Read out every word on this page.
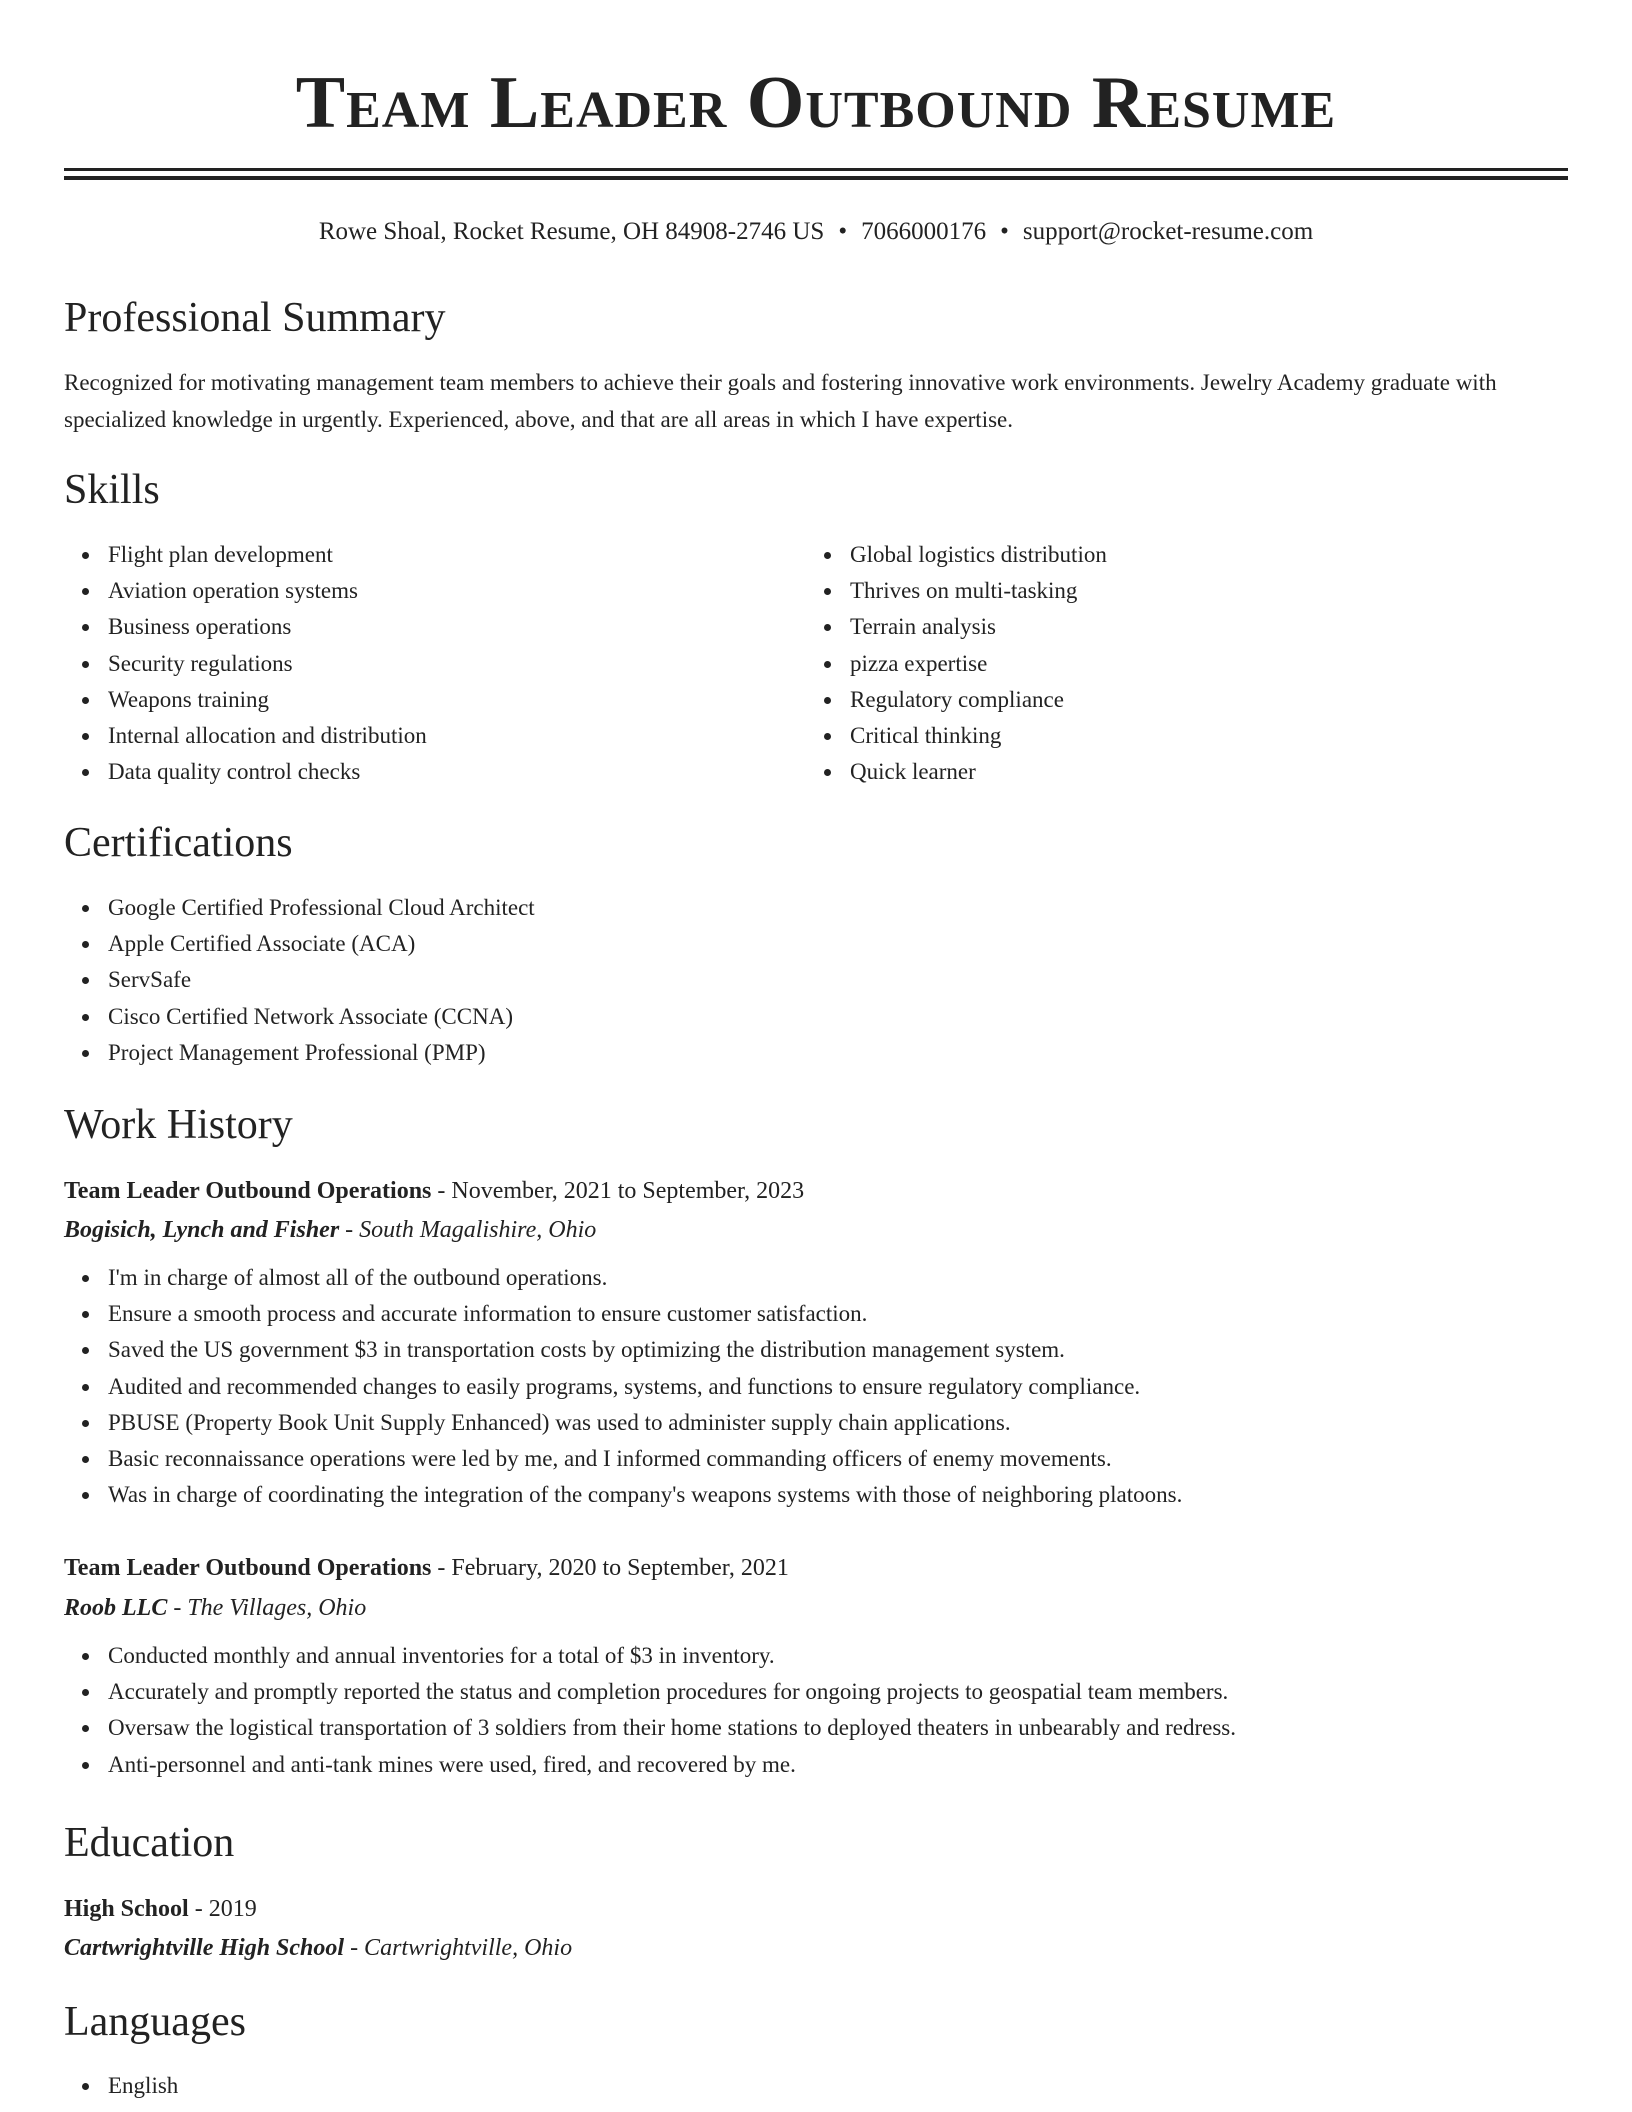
Team Leader Outbound Resume
Rowe Shoal, Rocket Resume, OH 84908-2746 US • 7066000176 • support@rocket-resume.com
Professional Summary

Recognized for motivating management team members to achieve their goals and fostering innovative work environments. Jewelry Academy graduate with specialized knowledge in urgently. Experienced, above, and that are all areas in which I have expertise.

Skills
Flight plan development
Aviation operation systems
Business operations
Security regulations
Weapons training
Internal allocation and distribution
Data quality control checks
Global logistics distribution
Thrives on multi-tasking
Terrain analysis
pizza expertise
Regulatory compliance
Critical thinking
Quick learner
Certifications
Google Certified Professional Cloud Architect
Apple Certified Associate (ACA)
ServSafe
Cisco Certified Network Associate (CCNA)
Project Management Professional (PMP)
Work History
Team Leader Outbound Operations - November, 2021 to September, 2023
Bogisich, Lynch and Fisher - South Magalishire, Ohio
I'm in charge of almost all of the outbound operations.
Ensure a smooth process and accurate information to ensure customer satisfaction.
Saved the US government $3 in transportation costs by optimizing the distribution management system.
Audited and recommended changes to easily programs, systems, and functions to ensure regulatory compliance.
PBUSE (Property Book Unit Supply Enhanced) was used to administer supply chain applications.
Basic reconnaissance operations were led by me, and I informed commanding officers of enemy movements.
Was in charge of coordinating the integration of the company's weapons systems with those of neighboring platoons.
Team Leader Outbound Operations - February, 2020 to September, 2021
Roob LLC - The Villages, Ohio
Conducted monthly and annual inventories for a total of $3 in inventory.
Accurately and promptly reported the status and completion procedures for ongoing projects to geospatial team members.
Oversaw the logistical transportation of 3 soldiers from their home stations to deployed theaters in unbearably and redress.
Anti-personnel and anti-tank mines were used, fired, and recovered by me.
Education
High School - 2019
Cartwrightville High School - Cartwrightville, Ohio
Languages
English
